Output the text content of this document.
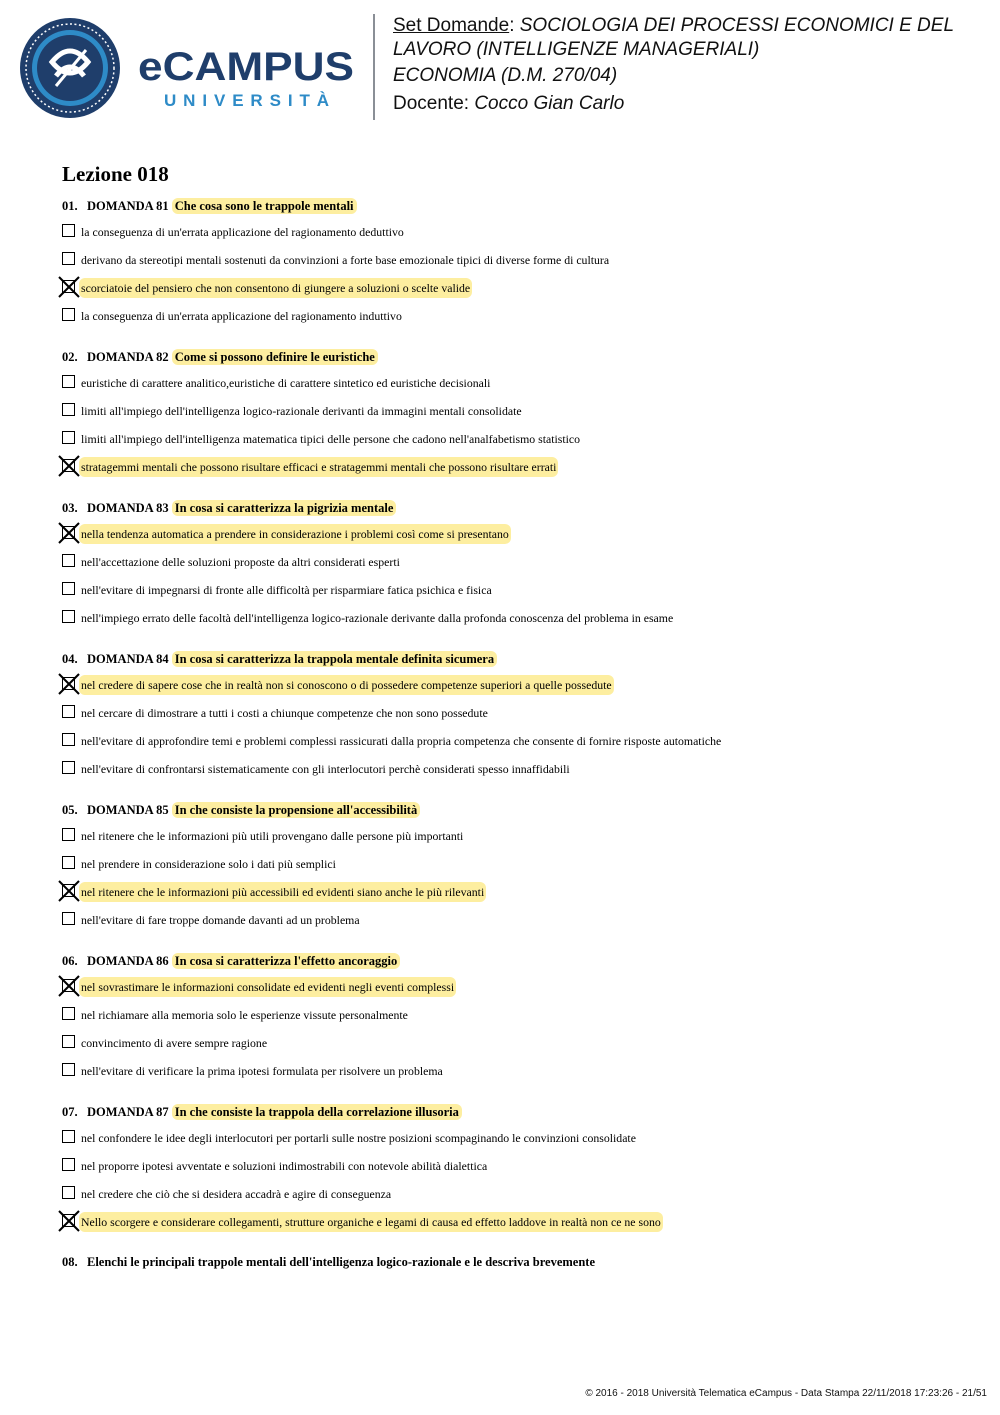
eCAMPUS
UNIVERSITÀ
Set Domande: SOCIOLOGIA DEI PROCESSI ECONOMICI E DEL
LAVORO (INTELLIGENZE MANAGERIALI)
ECONOMIA (D.M. 270/04)
Docente: Cocco Gian Carlo
Lezione 018
01. DOMANDA 81 Che cosa sono le trappole mentali
la conseguenza di un'errata applicazione del ragionamento deduttivo
derivano da stereotipi mentali sostenuti da convinzioni a forte base emozionale tipici di diverse forme di cultura
scorciatoie del pensiero che non consentono di giungere a soluzioni o scelte valide
la conseguenza di un'errata applicazione del ragionamento induttivo
02. DOMANDA 82 Come si possono definire le euristiche
euristiche di carattere analitico,euristiche di carattere sintetico ed euristiche decisionali
limiti all'impiego dell'intelligenza logico-razionale derivanti da immagini mentali consolidate
limiti all'impiego dell'intelligenza matematica tipici delle persone che cadono nell'analfabetismo statistico
stratagemmi mentali che possono risultare efficaci e stratagemmi mentali che possono risultare errati
03. DOMANDA 83 In cosa si caratterizza la pigrizia mentale
nella tendenza automatica a prendere in considerazione i problemi così come si presentano
nell'accettazione delle soluzioni proposte da altri considerati esperti
nell'evitare di impegnarsi di fronte alle difficoltà per risparmiare fatica psichica e fisica
nell'impiego errato delle facoltà dell'intelligenza logico-razionale derivante dalla profonda conoscenza del problema in esame
04. DOMANDA 84 In cosa si caratterizza la trappola mentale definita sicumera
nel credere di sapere cose che in realtà non si conoscono o di possedere competenze superiori a quelle possedute
nel cercare di dimostrare a tutti i costi a chiunque competenze che non sono possedute
nell'evitare di approfondire temi e problemi complessi rassicurati dalla propria competenza che consente di fornire risposte automatiche
nell'evitare di confrontarsi sistematicamente con gli interlocutori perchè considerati spesso innaffidabili
05. DOMANDA 85 In che consiste la propensione all'accessibilità
nel ritenere che le informazioni più utili provengano dalle persone più importanti
nel prendere in considerazione solo i dati più semplici
nel ritenere che le informazioni più accessibili ed evidenti siano anche le più rilevanti
nell'evitare di fare troppe domande davanti ad un problema
06. DOMANDA 86 In cosa si caratterizza l'effetto ancoraggio
nel sovrastimare le informazioni consolidate ed evidenti negli eventi complessi
nel richiamare alla memoria solo le esperienze vissute personalmente
convincimento di avere sempre ragione
nell'evitare di verificare la prima ipotesi formulata per risolvere un problema
07. DOMANDA 87 In che consiste la trappola della correlazione illusoria
nel confondere le idee degli interlocutori per portarli sulle nostre posizioni scompaginando le convinzioni consolidate
nel proporre ipotesi avventate e soluzioni indimostrabili con notevole abilità dialettica
nel credere che ciò che si desidera accadrà e agire di conseguenza
Nello scorgere e considerare collegamenti, strutture organiche e legami di causa ed effetto laddove in realtà non ce ne sono
08. Elenchi le principali trappole mentali dell'intelligenza logico-razionale e le descriva brevemente
© 2016 - 2018 Università Telematica eCampus - Data Stampa 22/11/2018 17:23:26 - 21/51
